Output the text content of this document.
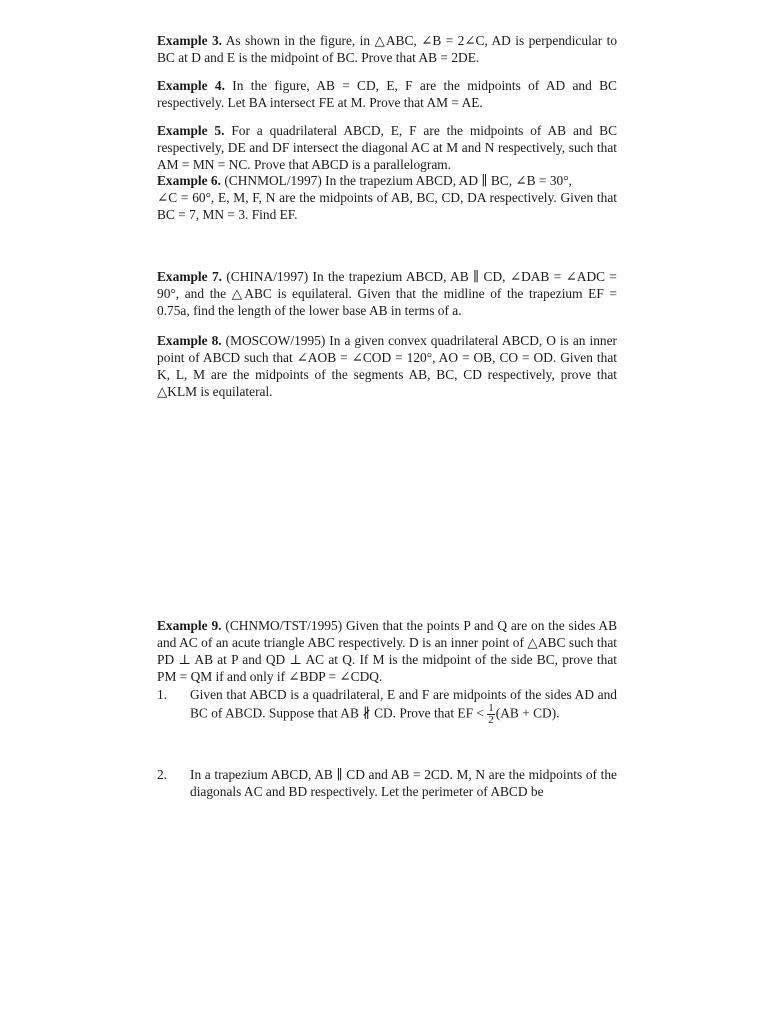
Example 3. As shown in the figure, in △ABC, ∠B = 2∠C, AD is perpendicular to BC at D and E is the midpoint of BC. Prove that AB = 2DE.

Example 4. In the figure, AB = CD, E, F are the midpoints of AD and BC respectively. Let BA intersect FE at M. Prove that AM = AE.

Example 5. For a quadrilateral ABCD, E, F are the midpoints of AB and BC respectively, DE and DF intersect the diagonal AC at M and N respectively, such that AM = MN = NC. Prove that ABCD is a parallelogram.

Example 6. (CHNMOL/1997) In the trapezium ABCD, AD ∥ BC, ∠B = 30°,
∠C = 60°, E, M, F, N are the midpoints of AB, BC, CD, DA respectively. Given that BC = 7, MN = 3. Find EF.

Example 7. (CHINA/1997) In the trapezium ABCD, AB ∥ CD, ∠DAB = ∠ADC = 90°, and the △ABC is equilateral. Given that the midline of the trapezium EF = 0.75a, find the length of the lower base AB in terms of a.

Example 8. (MOSCOW/1995) In a given convex quadrilateral ABCD, O is an inner point of ABCD such that ∠AOB = ∠COD = 120°, AO = OB, CO = OD. Given that K, L, M are the midpoints of the segments AB, BC, CD respectively, prove that △KLM is equilateral.

Example 9. (CHNMO/TST/1995) Given that the points P and Q are on the sides AB and AC of an acute triangle ABC respectively. D is an inner point of △ABC such that PD ⊥ AB at P and QD ⊥ AC at Q. If M is the midpoint of the side BC, prove that PM = QM if and only if ∠BDP = ∠CDQ.

1. Given that ABCD is a quadrilateral, E and F are midpoints of the sides AD and BC of ABCD. Suppose that AB ∦ CD. Prove that EF < $\frac{1}{2} (AB + CD)$.
2. In a trapezium ABCD, AB ∥ CD and AB = 2CD. M, N are the midpoints of the diagonals AC and BD respectively. Let the perimeter of ABCD be
